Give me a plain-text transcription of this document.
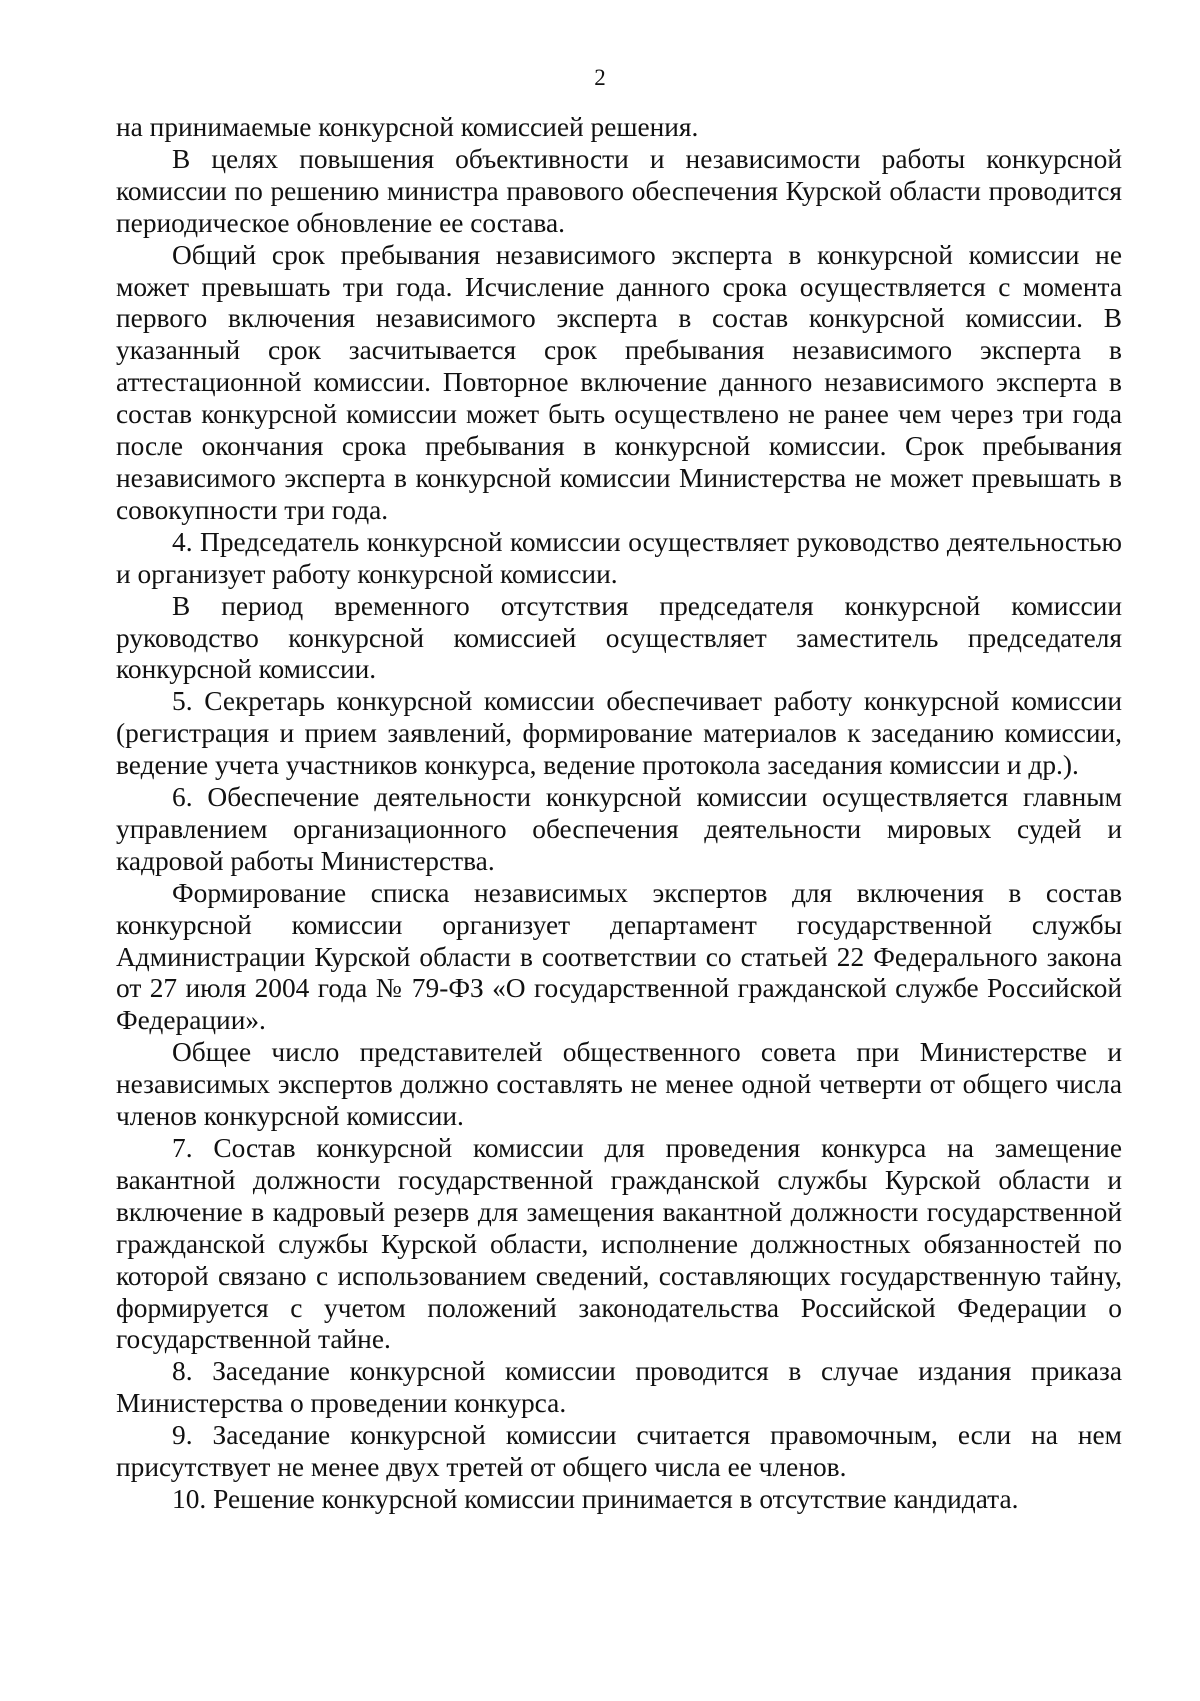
2

на принимаемые конкурсной комиссией решения.

В целях повышения объективности и независимости работы конкурсной комиссии по решению министра правового обеспечения Курской области проводится периодическое обновление ее состава.

Общий срок пребывания независимого эксперта в конкурсной комиссии не может превышать три года. Исчисление данного срока осуществляется с момента первого включения независимого эксперта в состав конкурсной комиссии. В указанный срок засчитывается срок пребывания независимого эксперта в аттестационной комиссии. Повторное включение данного независимого эксперта в состав конкурсной комиссии может быть осуществлено не ранее чем через три года после окончания срока пребывания в конкурсной комиссии. Срок пребывания независимого эксперта в конкурсной комиссии Министерства не может превышать в совокупности три года.

4. Председатель конкурсной комиссии осуществляет руководство деятельностью и организует работу конкурсной комиссии.

В период временного отсутствия председателя конкурсной комиссии руководство конкурсной комиссией осуществляет заместитель председателя конкурсной комиссии.

5. Секретарь конкурсной комиссии обеспечивает работу конкурсной комиссии (регистрация и прием заявлений, формирование материалов к заседанию комиссии, ведение учета участников конкурса, ведение протокола заседания комиссии и др.).

6. Обеспечение деятельности конкурсной комиссии осуществляется главным управлением организационного обеспечения деятельности мировых судей и кадровой работы Министерства.

Формирование списка независимых экспертов для включения в состав конкурсной комиссии организует департамент государственной службы Администрации Курской области в соответствии со статьей 22 Федерального закона от 27 июля 2004 года № 79-ФЗ «О государственной гражданской службе Российской Федерации».

Общее число представителей общественного совета при Министерстве и независимых экспертов должно составлять не менее одной четверти от общего числа членов конкурсной комиссии.

7. Состав конкурсной комиссии для проведения конкурса на замещение вакантной должности государственной гражданской службы Курской области и включение в кадровый резерв для замещения вакантной должности государственной гражданской службы Курской области, исполнение должностных обязанностей по которой связано с использованием сведений, составляющих государственную тайну, формируется с учетом положений законодательства Российской Федерации о государственной тайне.

8. Заседание конкурсной комиссии проводится в случае издания приказа Министерства о проведении конкурса.

9. Заседание конкурсной комиссии считается правомочным, если на нем присутствует не менее двух третей от общего числа ее членов.

10. Решение конкурсной комиссии принимается в отсутствие кандидата.
